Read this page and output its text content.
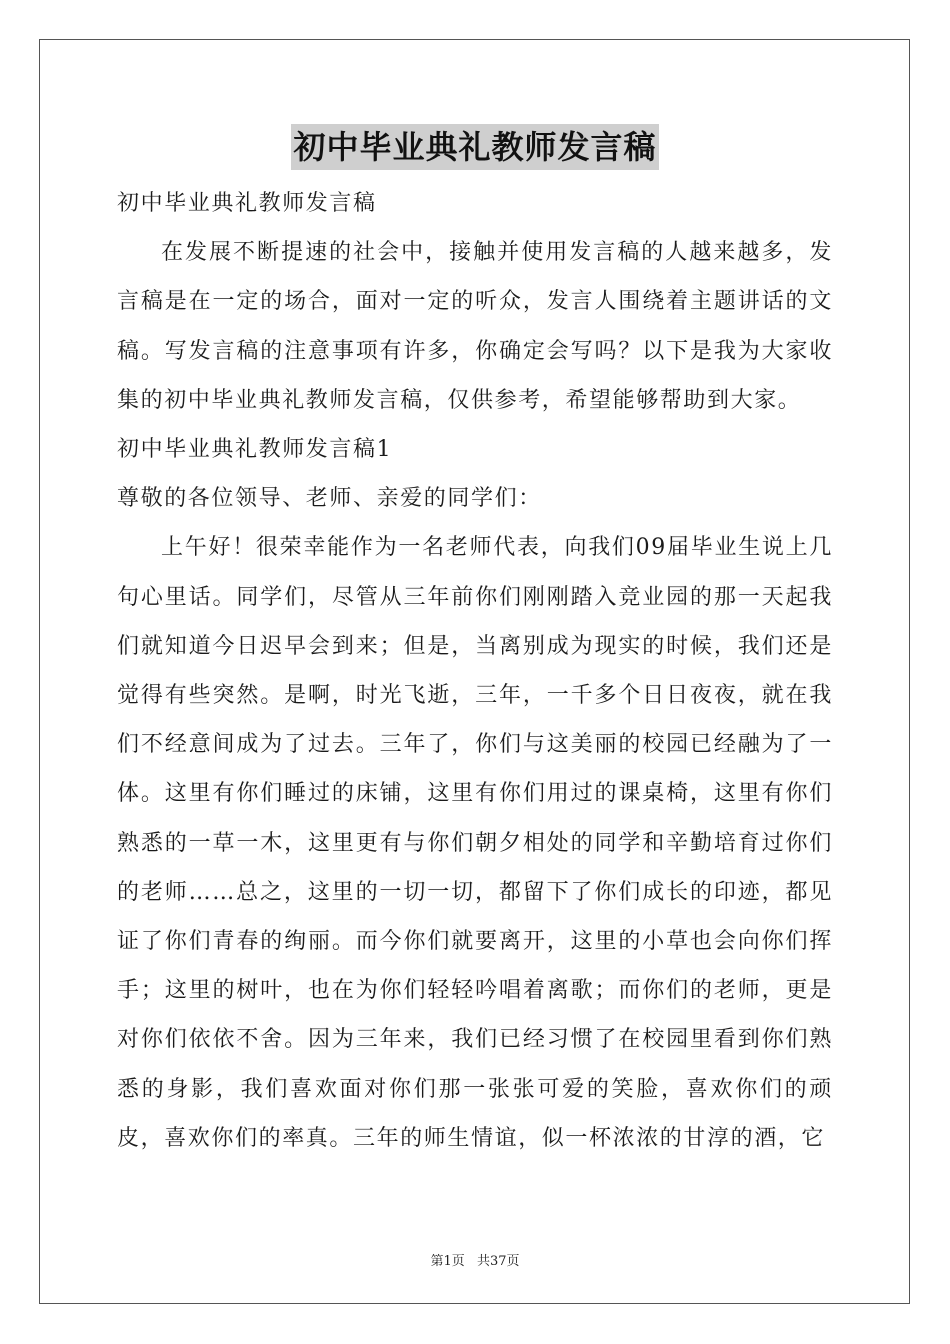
初中毕业典礼教师发言稿
初中毕业典礼教师发言稿
在发展不断提速的社会中，接触并使用发言稿的人越来越多，发言稿是在一定的场合，面对一定的听众，发言人围绕着主题讲话的文稿。写发言稿的注意事项有许多，你确定会写吗？以下是我为大家收集的初中毕业典礼教师发言稿，仅供参考，希望能够帮助到大家。
初中毕业典礼教师发言稿1
尊敬的各位领导、老师、亲爱的同学们：
上午好！很荣幸能作为一名老师代表，向我们09届毕业生说上几句心里话。同学们，尽管从三年前你们刚刚踏入竞业园的那一天起我们就知道今日迟早会到来；但是，当离别成为现实的时候，我们还是觉得有些突然。是啊，时光飞逝，三年，一千多个日日夜夜，就在我们不经意间成为了过去。三年了，你们与这美丽的校园已经融为了一体。这里有你们睡过的床铺，这里有你们用过的课桌椅，这里有你们熟悉的一草一木，这里更有与你们朝夕相处的同学和辛勤培育过你们的老师……总之，这里的一切一切，都留下了你们成长的印迹，都见证了你们青春的绚丽。而今你们就要离开，这里的小草也会向你们挥手；这里的树叶，也在为你们轻轻吟唱着离歌；而你们的老师，更是对你们依依不舍。因为三年来，我们已经习惯了在校园里看到你们熟悉的身影，我们喜欢面对你们那一张张可爱的笑脸，喜欢你们的顽皮，喜欢你们的率真。三年的师生情谊，似一杯浓浓的甘淳的酒，它
第1页 共37页
